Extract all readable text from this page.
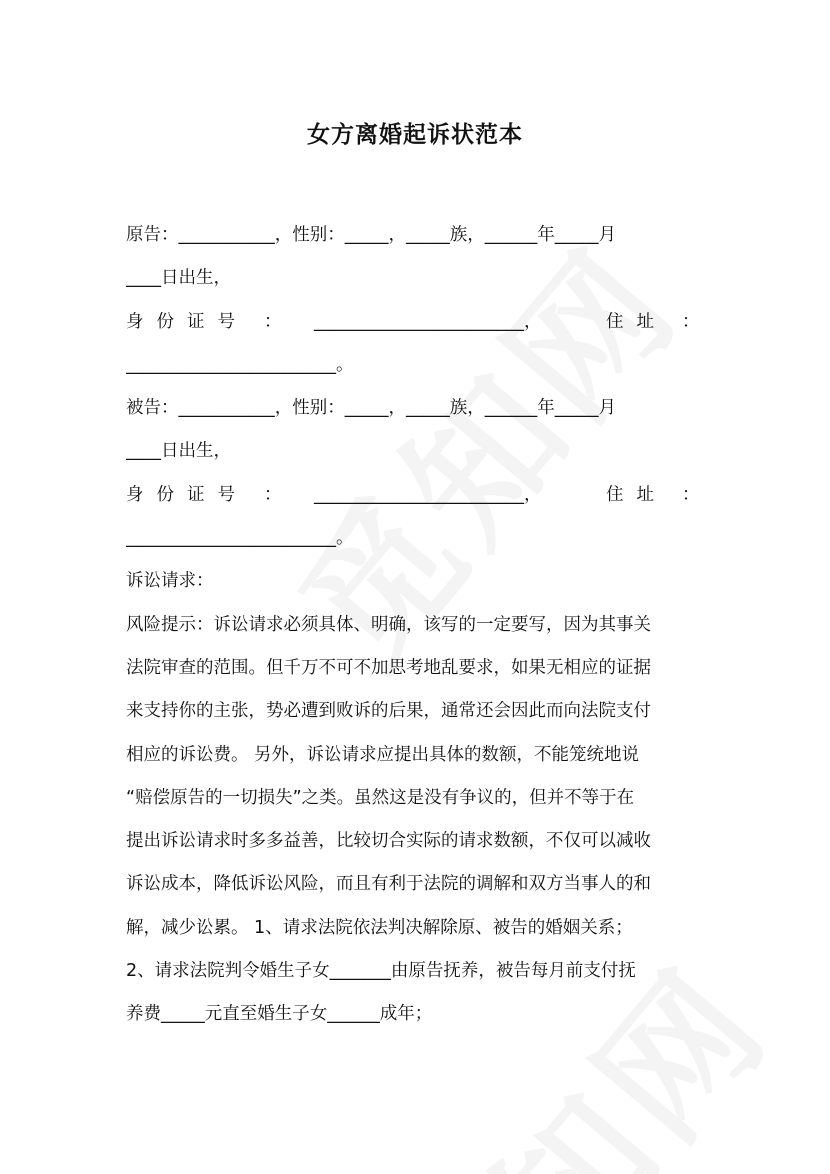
女方离婚起诉状范本
原告：___________，性别：_____，_____族，______年_____月
____日出生，
身份证号 ： ________________________，	住址 ：
________________________。
被告：___________，性别：_____，_____族，______年_____月
____日出生，
身份证号 ： ________________________，	住址 ：
________________________。
诉讼请求：
风险提示：诉讼请求必须具体、明确，该写的一定要写，因为其事关
法院审查的范围。但千万不可不加思考地乱要求，如果无相应的证据
来支持你的主张，势必遭到败诉的后果，通常还会因此而向法院支付
相应的诉讼费。 另外，诉讼请求应提出具体的数额，不能笼统地说
“赔偿原告的一切损失”之类。虽然这是没有争议的，但并不等于在
提出诉讼请求时多多益善，比较切合实际的请求数额，不仅可以减收
诉讼成本，降低诉讼风险，而且有利于法院的调解和双方当事人的和
解，减少讼累。 1、请求法院依法判决解除原、被告的婚姻关系；
2、请求法院判令婚生子女_______由原告抚养，被告每月前支付抚
养费_____元直至婚生子女______成年；
